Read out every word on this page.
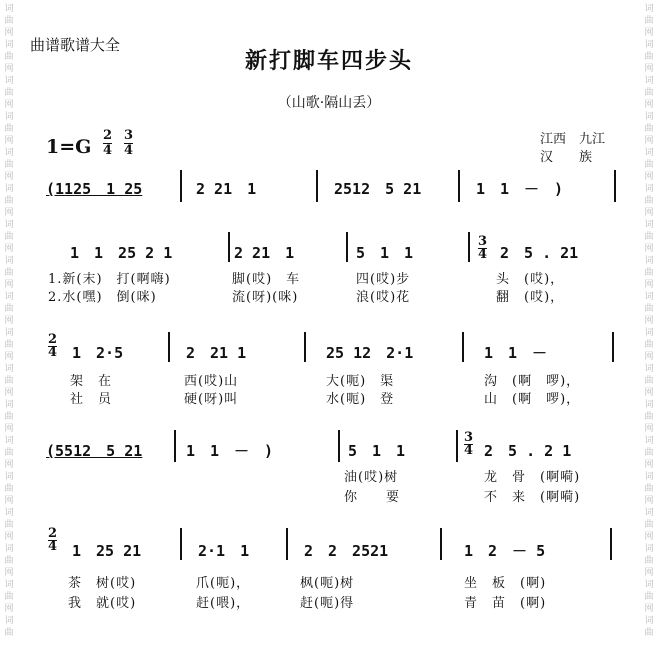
词
曲
网
词
曲
网
词
曲
网
词
曲
网
词
曲
网
词
曲
网
词
曲
网
词
曲
网
词
曲
网
词
曲
网
词
曲
网
词
曲
网
词
曲
网
词
曲
网
词
曲
网
词
曲
网
词
曲
网
词
曲
词
曲
网
词
曲
网
词
曲
网
词
曲
网
词
曲
网
词
曲
网
词
曲
网
词
曲
网
词
曲
网
词
曲
网
词
曲
网
词
曲
网
词
曲
网
词
曲
网
词
曲
网
词
曲
网
词
曲
网
词
曲
曲谱歌谱大全
新打脚车四步头
（山歌·隔山丢）
1=G
2
4
3
4
江西　九江
汉　　族
(1125　1 25	2 21　1	2512　5 21	1　1　－　)
1　1　25 2 1	2 21　1	5　1　1	2　5 . 21
3
4
1.新(末)　打(啊嗨)	脚(哎)　车	四(哎)步	头　(哎)，
2.水(嘿)　倒(咪)	流(呀)(咪)	浪(哎)花	翻　(哎)，
2
4 1　2·5	2　21 1	25 12　2·1	1　1　－
架　在	西(哎)山	大(呃)　渠	沟　(啊　啰)，
社　员	硬(呀)叫	水(呃)　登	山　(啊　啰)，
(5512　5 21	1　1　－　)	5　1　1	2　5 . 2 1
3
4
油(哎)树	龙　骨　(啊嗬)
你　　要	不　来　(啊嗬)
2
4 1　25 21	2·1　1	2　2　2521	1　2　－ 5
茶　树(哎)	爪(呃)，	枫(呃)树	坐　板　(啊)
我　就(哎)	赶(喂)，	赶(呃)得	青　苗　(啊)
